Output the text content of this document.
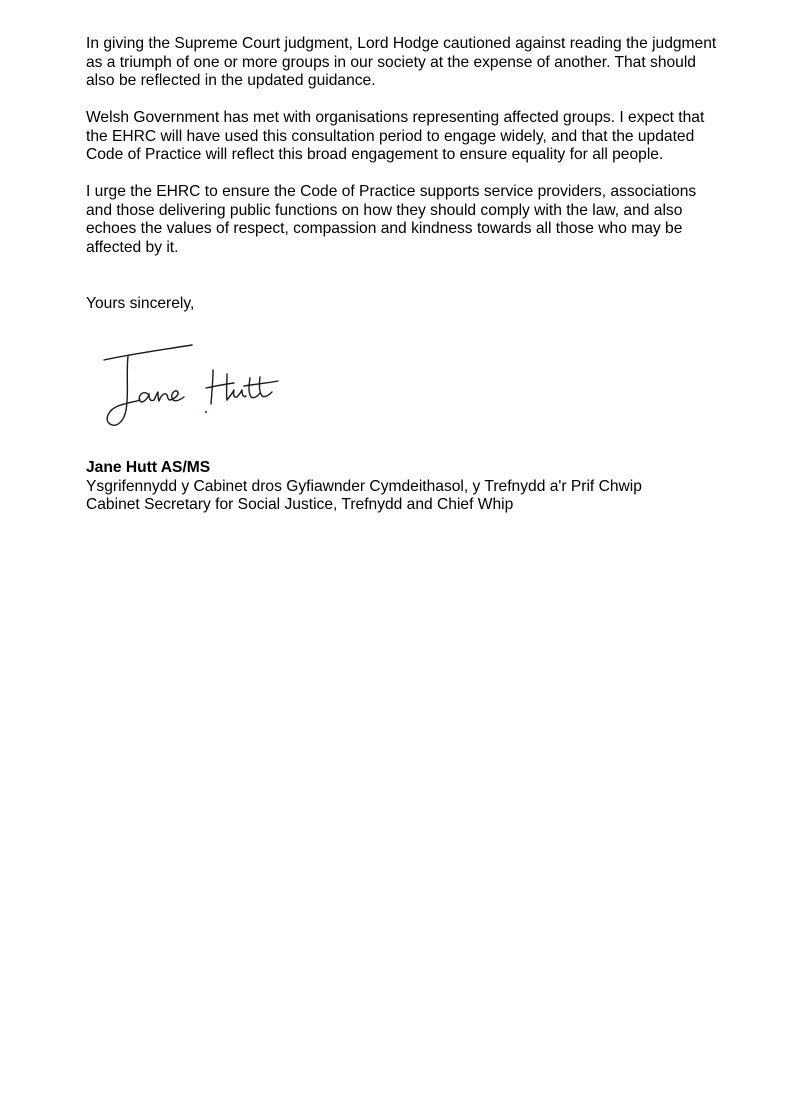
In giving the Supreme Court judgment, Lord Hodge cautioned against reading the judgment
as a triumph of one or more groups in our society at the expense of another. That should
also be reflected in the updated guidance.

Welsh Government has met with organisations representing affected groups. I expect that
the EHRC will have used this consultation period to engage widely, and that the updated
Code of Practice will reflect this broad engagement to ensure equality for all people.

I urge the EHRC to ensure the Code of Practice supports service providers, associations
and those delivering public functions on how they should comply with the law, and also
echoes the values of respect, compassion and kindness towards all those who may be
affected by it.

Yours sincerely,

Jane Hutt AS/MS
Ysgrifennydd y Cabinet dros Gyfiawnder Cymdeithasol, y Trefnydd a'r Prif Chwip
Cabinet Secretary for Social Justice, Trefnydd and Chief Whip
